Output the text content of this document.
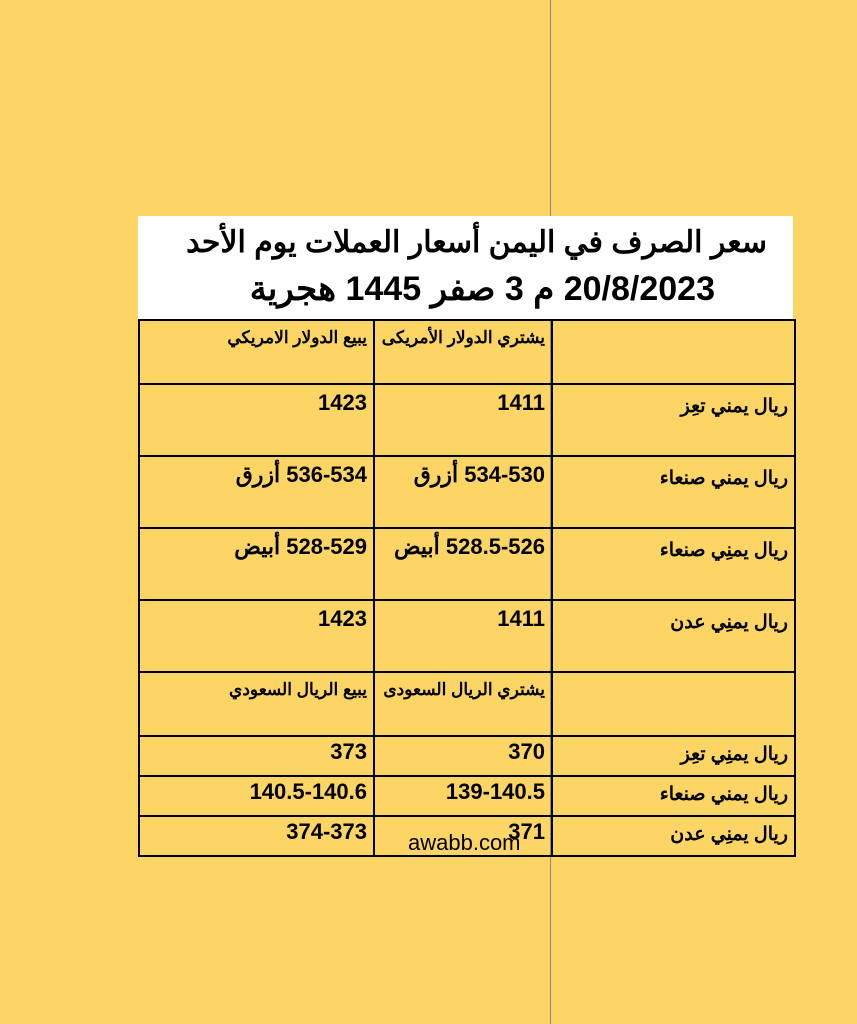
سعر الصرف في اليمن أسعار العملات يوم الأحد
20/8/2023 م 3 صفر 1445 هجرية
	يشتري الدولار الأمريكى	يبيع الدولار الامريكي
ريال يمني تعِز	1411	1423
ريال يمني صنعاء	534-530 أزرق	536-534 أزرق
ريال يمنِي صنعاء	528.5-526 أبيض	528-529 أبيض
ريال يمنِي عدن	1411	1423
	يشتري الريال السعودى	يبيع الريال السعودي
ريال يمنِي تعِز	370	373
ريال يمني صنعاء	139-140.5	140.5-140.6
ريال يمنِي عدن	371	374-373 awabb.com
